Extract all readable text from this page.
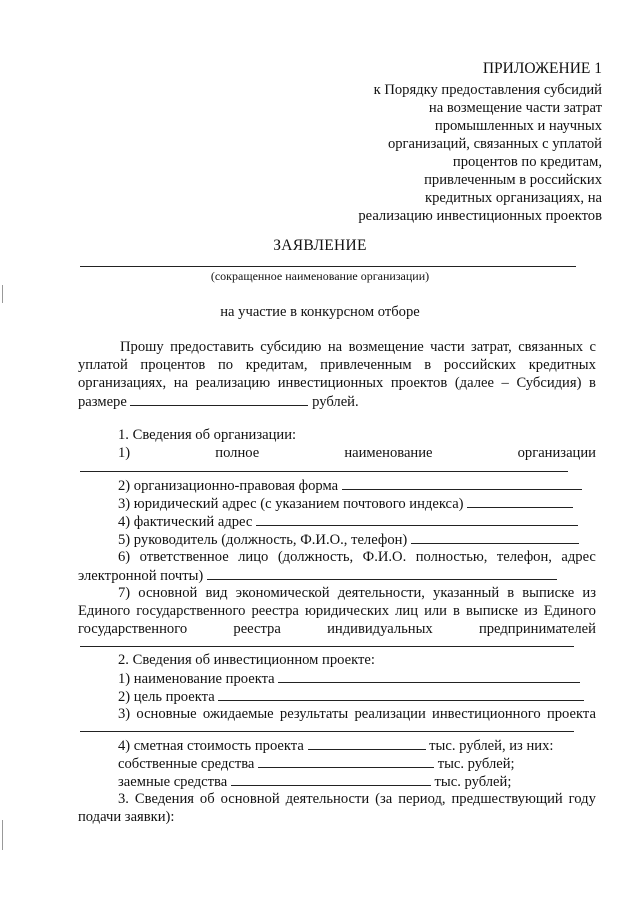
ПРИЛОЖЕНИЕ 1
к Порядку предоставления субсидий
на возмещение части затрат
промышленных и научных
организаций, связанных с уплатой
процентов по кредитам,
привлеченным в российских
кредитных организациях, на
реализацию инвестиционных проектов
ЗАЯВЛЕНИЕ
(сокращенное наименование организации)
на участие в конкурсном отборе
Прошу предоставить субсидию на возмещение части затрат, связанных с
уплатой процентов по кредитам, привлеченным в российских кредитных
организациях, на реализацию инвестиционных проектов (далее – Субсидия) в
размере	рублей.
1. Сведения об организации:
1)	полное	наименование	организации
2) организационно-правовая форма
3) юридический адрес (с указанием почтового индекса)
4) фактический адрес
5) руководитель (должность, Ф.И.О., телефон)
6) ответственное лицо (должность, Ф.И.О. полностью, телефон, адрес
электронной почты)
7) основной вид экономической деятельности, указанный в выписке из
Единого государственного реестра юридических лиц или в выписке из Единого
государственного	реестра	индивидуальных	предпринимателей
2. Сведения об инвестиционном проекте:
1) наименование проекта
2) цель проекта
3) основные ожидаемые результаты реализации инвестиционного проекта
4) сметная стоимость проекта	тыс. рублей, из них:
собственные средства	тыс. рублей;
заемные средства	тыс. рублей;
3. Сведения об основной деятельности (за период, предшествующий году
подачи заявки):
